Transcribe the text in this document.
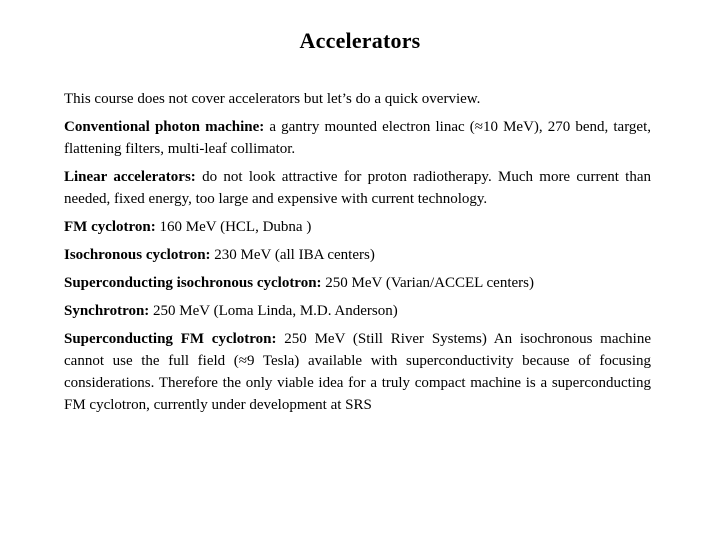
Accelerators

This course does not cover accelerators but let’s do a quick overview.

Conventional photon machine: a gantry mounted electron linac (≈10 MeV), 270 bend, target, flattening filters, multi-leaf collimator.

Linear accelerators: do not look attractive for proton radiotherapy. Much more current than needed, fixed energy, too large and expensive with current technology.

FM cyclotron: 160 MeV (HCL, Dubna )

Isochronous cyclotron: 230 MeV (all IBA centers)

Superconducting isochronous cyclotron: 250 MeV (Varian/ACCEL centers)

Synchrotron: 250 MeV (Loma Linda, M.D. Anderson)

Superconducting FM cyclotron: 250 MeV (Still River Systems) An isochronous machine cannot use the full field (≈9 Tesla) available with superconductivity because of focusing considerations. Therefore the only viable idea for a truly compact machine is a superconducting FM cyclotron, currently under development at SRS
